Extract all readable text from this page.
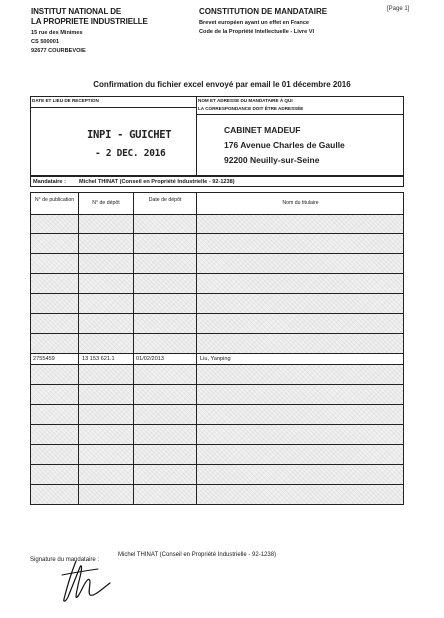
INSTITUT NATIONAL DE
LA PROPRIETE INDUSTRIELLE
15 rue des Minimes
CS 500001
92677 COURBEVOIE
CONSTITUTION DE MANDATAIRE
Brevet européen ayant un effet en France
Code de la Propriété Intellectuelle - Livre VI
[Page 1]
Confirmation du fichier excel envoyé par email le 01 décembre 2016
DATE ET LIEU DE RECEPTION	NOM ET ADRESSE DU MANDATAIRE À QUI
LA CORRESPONDANCE DOIT ÊTRE ADRESSÉE
INPI - GUICHET
- 2 DEC. 2016
CABINET MADEUF
176 Avenue Charles de Gaulle
92200 Neuilly-sur-Seine
Mandataire : Michel THINAT (Conseil en Propriété Industrielle - 92-1238)
N° de publication	N° de dépôt	Date de dépôt	Nom du titulaire
2755459	13 153 621.1	01/02/2013	Liu, Yanping
Signature du mandataire :
Michel THINAT (Conseil en Propriété Industrielle - 92-1238)
